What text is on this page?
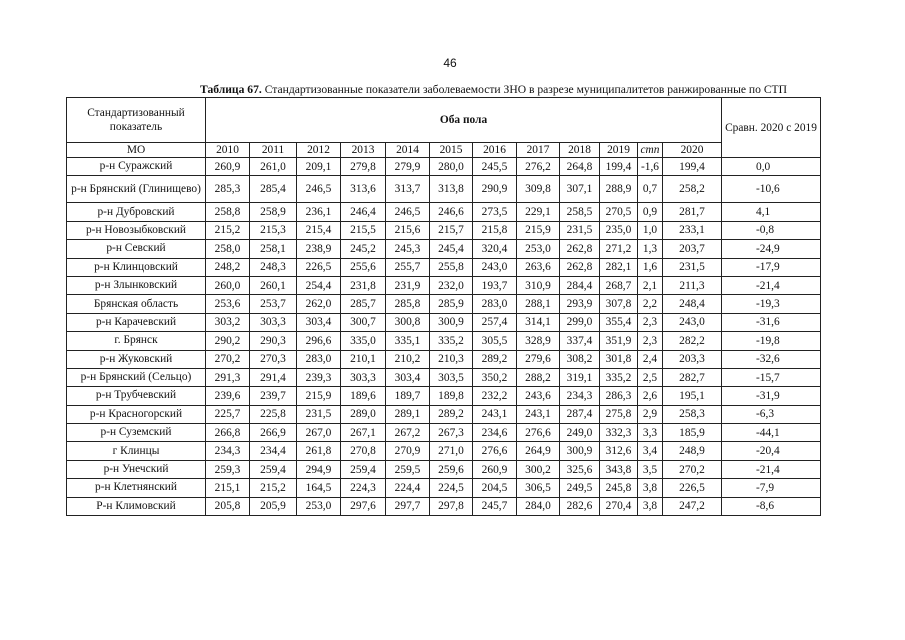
46
Таблица 67. Стандартизованные показатели заболеваемости ЗНО в разрезе муниципалитетов ранжированные по СТП
Стандартизованный показатель	Оба пола												Сравн. 2020 с 2019
МО	2010	2011	2012	2013	2014	2015	2016	2017	2018	2019	стп	2020	
р-н Суражский	260,9	261,0	209,1	279,8	279,9	280,0	245,5	276,2	264,8	199,4	-1,6	199,4	0,0
р-н Брянский (Глинищево)	285,3	285,4	246,5	313,6	313,7	313,8	290,9	309,8	307,1	288,9	0,7	258,2	-10,6
р-н Дубровский	258,8	258,9	236,1	246,4	246,5	246,6	273,5	229,1	258,5	270,5	0,9	281,7	4,1
р-н Новозыбковский	215,2	215,3	215,4	215,5	215,6	215,7	215,8	215,9	231,5	235,0	1,0	233,1	-0,8
р-н Севский	258,0	258,1	238,9	245,2	245,3	245,4	320,4	253,0	262,8	271,2	1,3	203,7	-24,9
р-н Клинцовский	248,2	248,3	226,5	255,6	255,7	255,8	243,0	263,6	262,8	282,1	1,6	231,5	-17,9
р-н Злынковский	260,0	260,1	254,4	231,8	231,9	232,0	193,7	310,9	284,4	268,7	2,1	211,3	-21,4
Брянская область	253,6	253,7	262,0	285,7	285,8	285,9	283,0	288,1	293,9	307,8	2,2	248,4	-19,3
р-н Карачевский	303,2	303,3	303,4	300,7	300,8	300,9	257,4	314,1	299,0	355,4	2,3	243,0	-31,6
г. Брянск	290,2	290,3	296,6	335,0	335,1	335,2	305,5	328,9	337,4	351,9	2,3	282,2	-19,8
р-н Жуковский	270,2	270,3	283,0	210,1	210,2	210,3	289,2	279,6	308,2	301,8	2,4	203,3	-32,6
р-н Брянский (Сельцо)	291,3	291,4	239,3	303,3	303,4	303,5	350,2	288,2	319,1	335,2	2,5	282,7	-15,7
р-н Трубчевский	239,6	239,7	215,9	189,6	189,7	189,8	232,2	243,6	234,3	286,3	2,6	195,1	-31,9
р-н Красногорский	225,7	225,8	231,5	289,0	289,1	289,2	243,1	243,1	287,4	275,8	2,9	258,3	-6,3
р-н Суземский	266,8	266,9	267,0	267,1	267,2	267,3	234,6	276,6	249,0	332,3	3,3	185,9	-44,1
г Клинцы	234,3	234,4	261,8	270,8	270,9	271,0	276,6	264,9	300,9	312,6	3,4	248,9	-20,4
р-н Унечский	259,3	259,4	294,9	259,4	259,5	259,6	260,9	300,2	325,6	343,8	3,5	270,2	-21,4
р-н Клетнянский	215,1	215,2	164,5	224,3	224,4	224,5	204,5	306,5	249,5	245,8	3,8	226,5	-7,9
Р-н Климовский	205,8	205,9	253,0	297,6	297,7	297,8	245,7	284,0	282,6	270,4	3,8	247,2	-8,6
